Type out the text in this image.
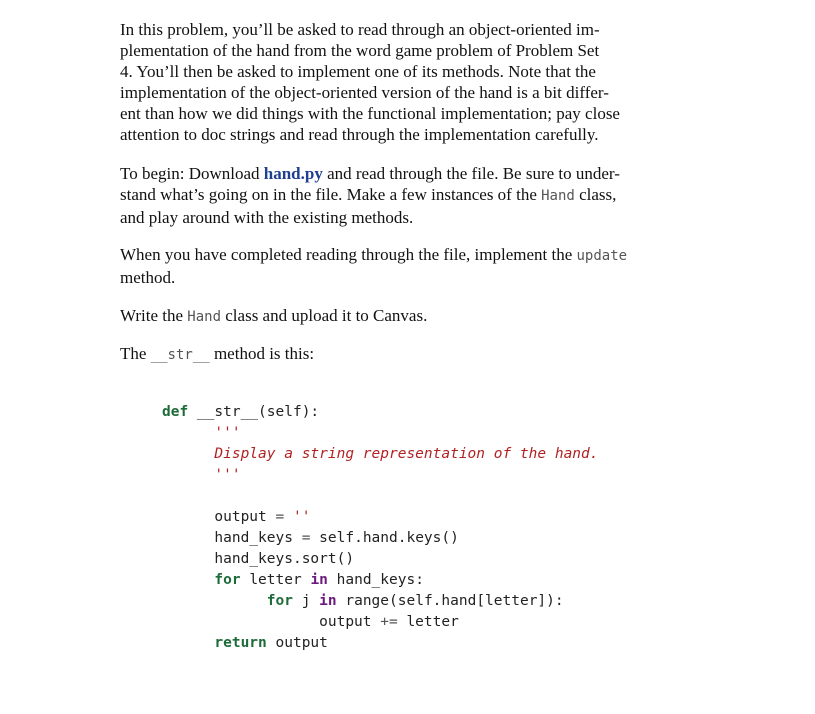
In this problem, you’ll be asked to read through an object-oriented im-
plementation of the hand from the word game problem of Problem Set
4. You’ll then be asked to implement one of its methods. Note that the
implementation of the object-oriented version of the hand is a bit differ-
ent than how we did things with the functional implementation; pay close
attention to doc strings and read through the implementation carefully.
To begin: Download hand.py and read through the file. Be sure to under-
stand what’s going on in the file. Make a few instances of the Hand class,
and play around with the existing methods.
When you have completed reading through the file, implement the update
method.
Write the Hand class and upload it to Canvas.
The __str__ method is this:
def __str__(self):
'''
Display a string representation of the hand.
'''

output = ''
hand_keys = self.hand.keys()
hand_keys.sort()
for letter in hand_keys:
for j in range(self.hand[letter]):
output += letter
return output
